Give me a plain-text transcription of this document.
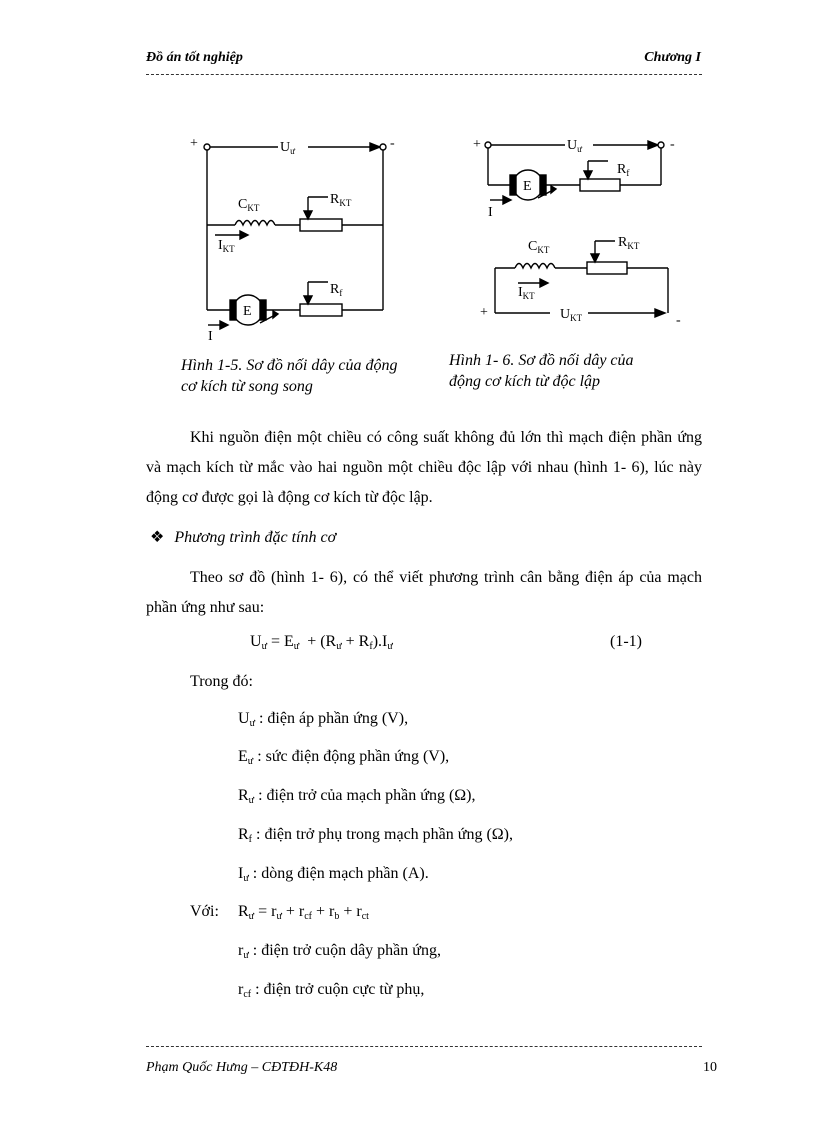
Đồ án tốt nghiệp	Chương I
+	-
$U_ư$
$C_{KT}$
$R_{KT}$
$I_{KT}$
E
$R_f$
I
Hình 1-5. Sơ đồ nối dây của động
cơ kích từ song song
+	-
$U_ư$
$R_f$
E
I
$C_{KT}$	$R_{KT}$
$I_{KT}$
+	$U_{KT}$	-
Hình 1- 6. Sơ đồ nối dây của
động cơ kích từ độc lập
Khi nguồn điện một chiều có công suất không đủ lớn thì mạch điện phần ứng và mạch kích từ mắc vào hai nguồn một chiều độc lập với nhau (hình 1- 6), lúc này động cơ được gọi là động cơ kích từ độc lập.
❖ Phương trình đặc tính cơ
Theo sơ đồ (hình 1- 6), có thể viết phương trình cân bằng điện áp của mạch phần ứng như sau:
$U_ư = E_ư + (R_ư + R_f).I_ư$	(1-1)
Trong đó:
$U_ư$ : điện áp phần ứng (V),
$E_ư$ : sức điện động phần ứng (V),
$R_ư$ : điện trở của mạch phần ứng (Ω),
$R_f$ : điện trở phụ trong mạch phần ứng (Ω),
$I_ư$ : dòng điện mạch phần (A).
Với: $R_ư = r_ư + r_{cf} + r_b + r_{ct}$
$r_ư$ : điện trở cuộn dây phần ứng,
$r_{cf}$ : điện trở cuộn cực từ phụ,
Phạm Quốc Hưng – CĐTĐH-K48	10
